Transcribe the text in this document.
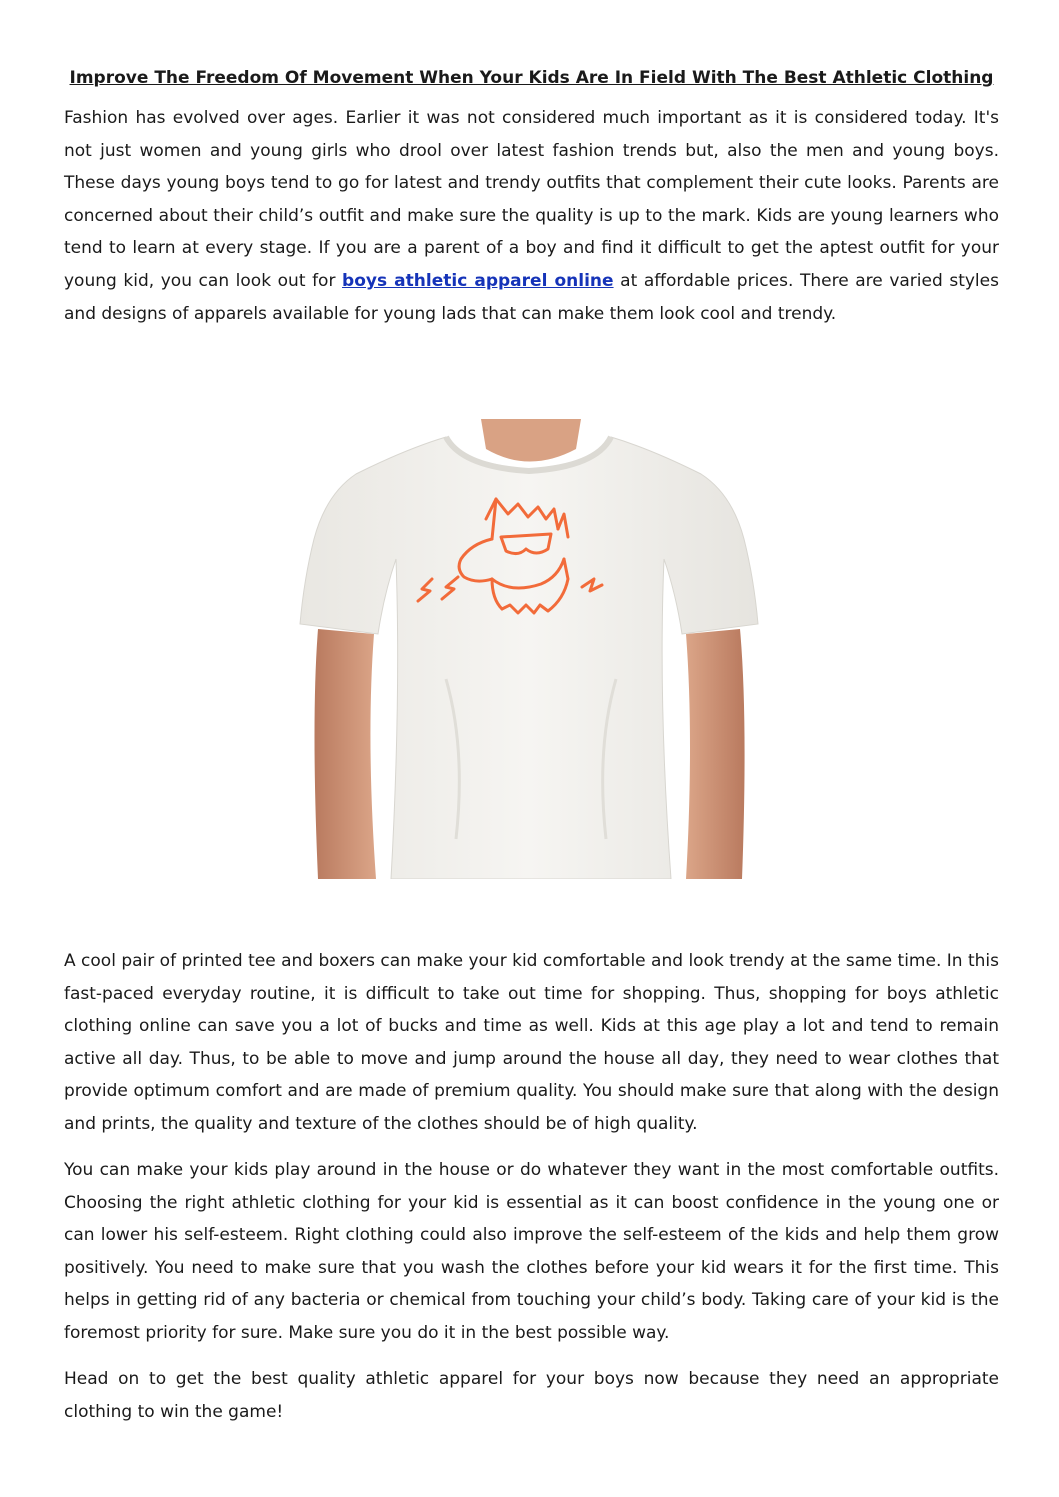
Improve The Freedom Of Movement When Your Kids Are In Field With The Best Athletic Clothing

Fashion has evolved over ages. Earlier it was not considered much important as it is considered today. It's not just women and young girls who drool over latest fashion trends but, also the men and young boys. These days young boys tend to go for latest and trendy outfits that complement their cute looks. Parents are concerned about their child’s outfit and make sure the quality is up to the mark. Kids are young learners who tend to learn at every stage. If you are a parent of a boy and find it difficult to get the aptest outfit for your young kid, you can look out for boys athletic apparel online at affordable prices. There are varied styles and designs of apparels available for young lads that can make them look cool and trendy.

A cool pair of printed tee and boxers can make your kid comfortable and look trendy at the same time. In this fast-paced everyday routine, it is difficult to take out time for shopping. Thus, shopping for boys athletic clothing online can save you a lot of bucks and time as well. Kids at this age play a lot and tend to remain active all day. Thus, to be able to move and jump around the house all day, they need to wear clothes that provide optimum comfort and are made of premium quality. You should make sure that along with the design and prints, the quality and texture of the clothes should be of high quality.

You can make your kids play around in the house or do whatever they want in the most comfortable outfits. Choosing the right athletic clothing for your kid is essential as it can boost confidence in the young one or can lower his self-esteem. Right clothing could also improve the self-esteem of the kids and help them grow positively. You need to make sure that you wash the clothes before your kid wears it for the first time. This helps in getting rid of any bacteria or chemical from touching your child’s body. Taking care of your kid is the foremost priority for sure. Make sure you do it in the best possible way.

Head on to get the best quality athletic apparel for your boys now because they need an appropriate clothing to win the game!
